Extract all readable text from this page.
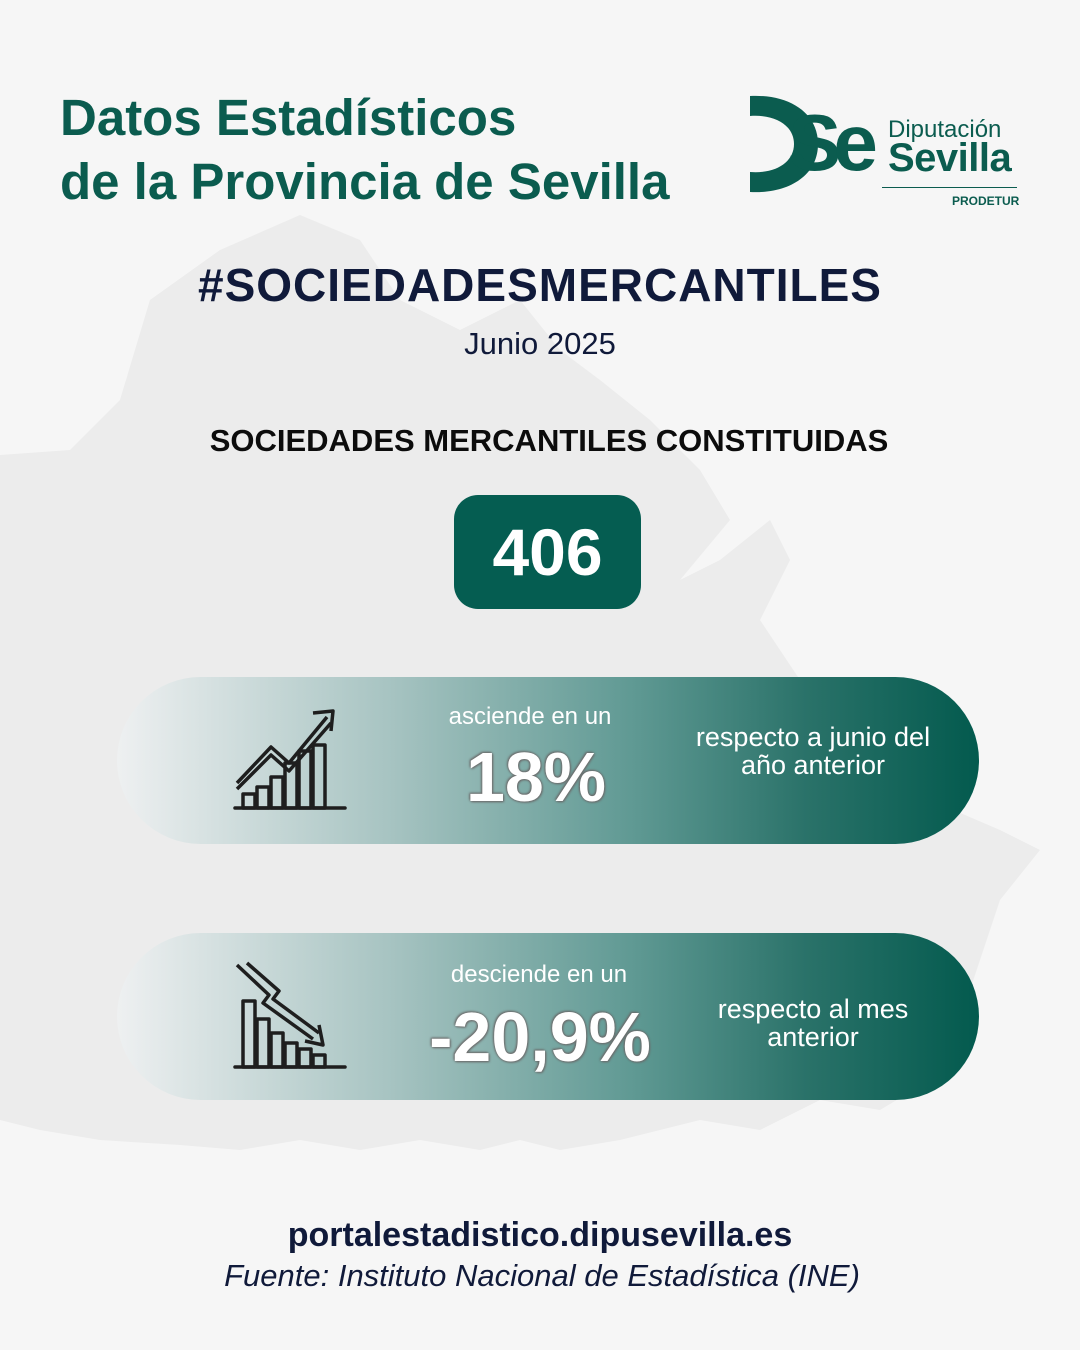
Datos Estadísticos
de la Provincia de Sevilla	Se Diputación
Sevilla
PRODETUR
#SOCIEDADESMERCANTILES
Junio 2025
SOCIEDADES MERCANTILES CONSTITUIDAS
406
asciende en un
18%
respecto a junio del año anterior
desciende en un
-20,9%	respecto al mes anterior
portalestadistico.dipusevilla.es
Fuente: Instituto Nacional de Estadística (INE)
